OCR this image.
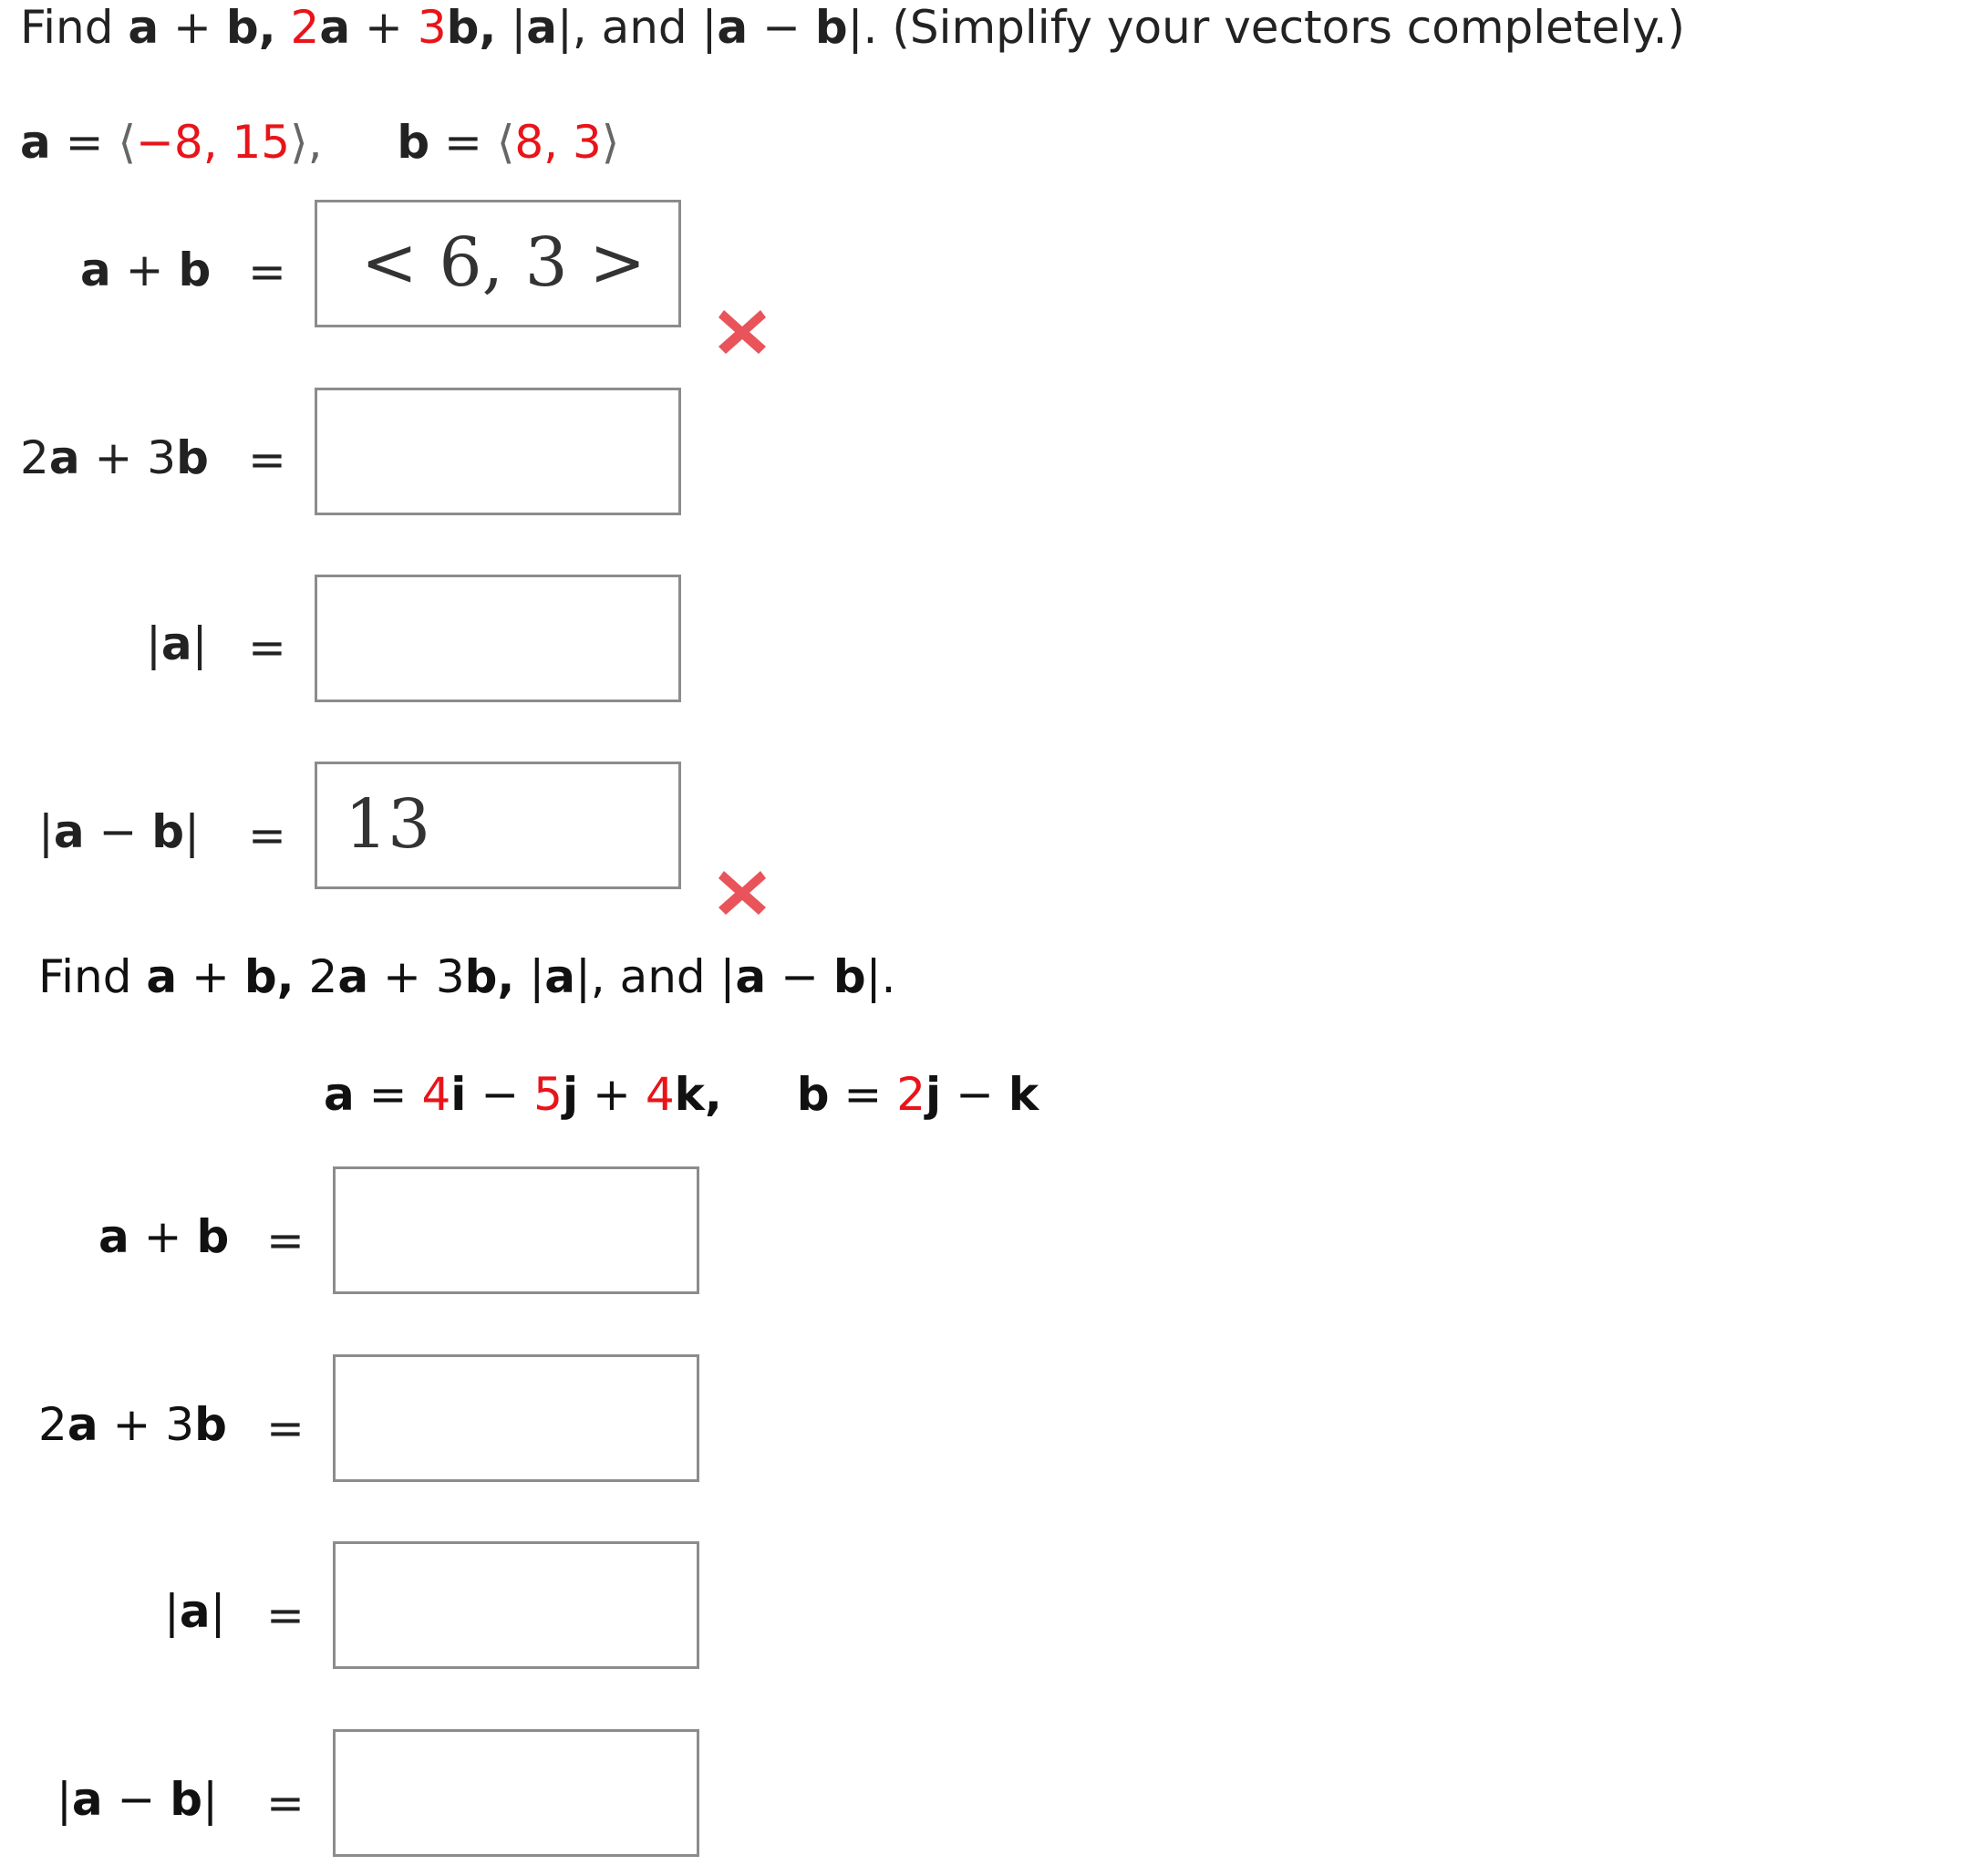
Find a + b, 2a + 3b, |a|, and |a − b|. (Simplify your vectors completely.)
a = ⟨−8, 15⟩, b = ⟨8, 3⟩
a + b = < 6, 3 >
2a + 3b =
|a| =
|a − b| = 13
Find a + b, 2a + 3b, |a|, and |a − b|.
a = 4i − 5j + 4k, b = 2j − k
a + b =
2a + 3b =
|a| =
|a − b| =
